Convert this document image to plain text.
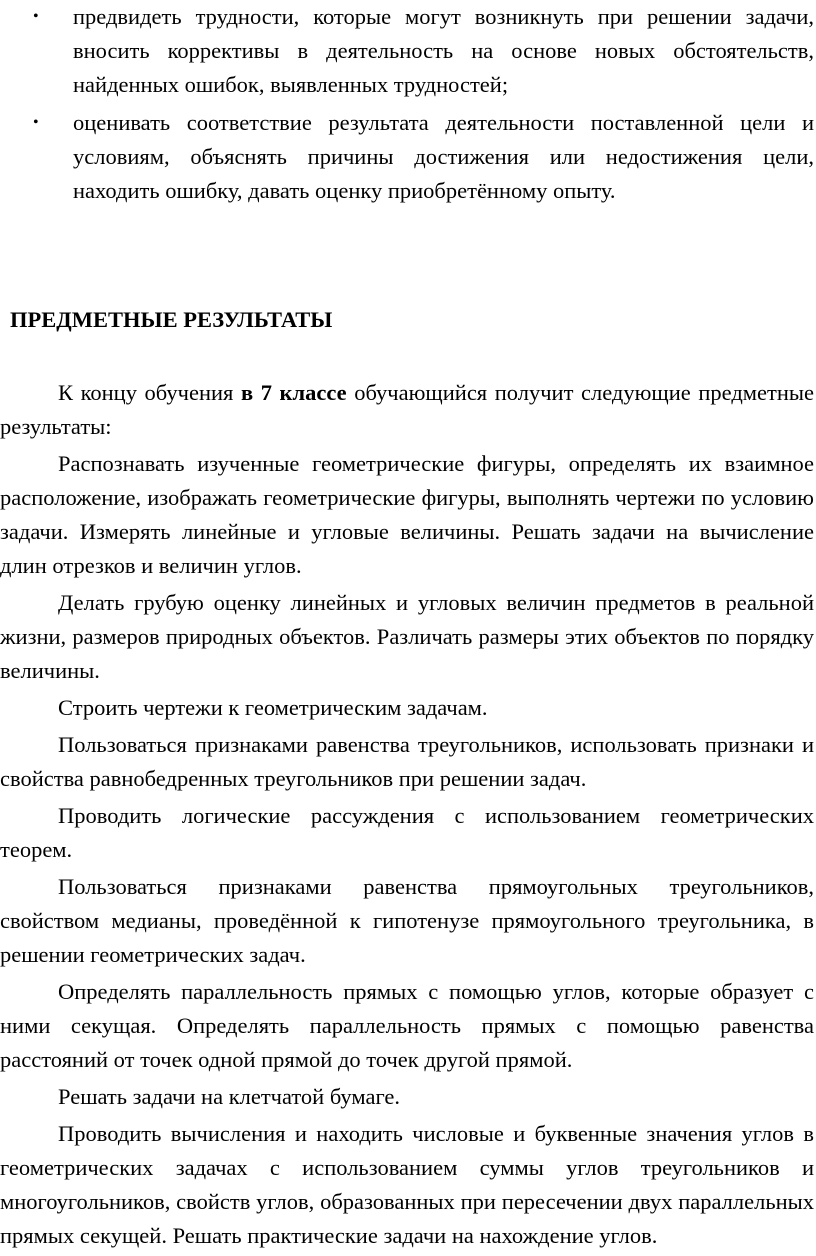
• предвидеть трудности, которые могут возникнуть при решении задачи, вносить коррективы в деятельность на основе новых обстоятельств, найденных ошибок, выявленных трудностей;
• оценивать соответствие результата деятельности поставленной цели и условиям, объяснять причины достижения или недостижения цели, находить ошибку, давать оценку приобретённому опыту.
ПРЕДМЕТНЫЕ РЕЗУЛЬТАТЫ

К концу обучения в 7 классе обучающийся получит следующие предметные результаты:

Распознавать изученные геометрические фигуры, определять их взаимное расположение, изображать геометрические фигуры, выполнять чертежи по условию задачи. Измерять линейные и угловые величины. Решать задачи на вычисление длин отрезков и величин углов.

Делать грубую оценку линейных и угловых величин предметов в реальной жизни, размеров природных объектов. Различать размеры этих объектов по порядку величины.

Строить чертежи к геометрическим задачам.

Пользоваться признаками равенства треугольников, использовать признаки и свойства равнобедренных треугольников при решении задач.

Проводить логические рассуждения с использованием геометрических теорем.

Пользоваться признаками равенства прямоугольных треугольников, свойством медианы, проведённой к гипотенузе прямоугольного треугольника, в решении геометрических задач.

Определять параллельность прямых с помощью углов, которые образует с ними секущая. Определять параллельность прямых с помощью равенства расстояний от точек одной прямой до точек другой прямой.

Решать задачи на клетчатой бумаге.

Проводить вычисления и находить числовые и буквенные значения углов в геометрических задачах с использованием суммы углов треугольников и многоугольников, свойств углов, образованных при пересечении двух параллельных прямых секущей. Решать практические задачи на нахождение углов.
